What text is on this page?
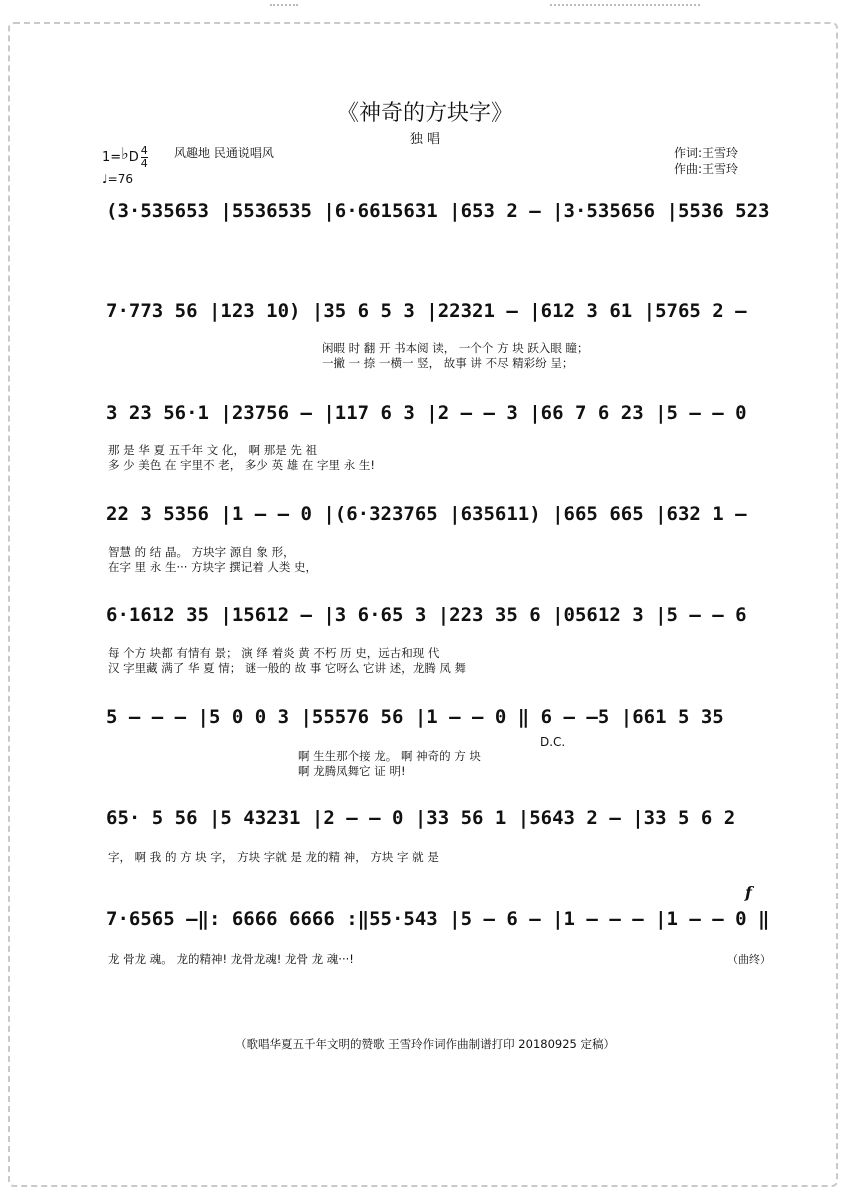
《神奇的方块字》
独 唱
1=♭D $\frac{4}{4}$ 风趣地 民通说唱风	作词:王雪玲
作曲:王雪玲
♩=76
(3·535653 |5536535 |6·6615631 |653 2 – |3·535656 |5536 523
7·773 56 |123 10) |35 6 5 3 |22321 – |612 3 61 |5765 2 –
闲暇 时 翻 开 书本阅 读， 一个个 方 块 跃入眼 瞳；
一撇 一 捺 一横一 竖， 故事 讲 不尽 精彩纷 呈；
3 23 56·1 |23756 – |117 6 3 |2 – – 3 |66 7 6 23 |5 – – 0
那 是 华 夏 五千年 文 化， 啊 那是 先 祖
多 少 美色 在 宇里不 老， 多少 英 雄 在 字里 永 生!
22 3 5356 |1 – – 0 |(6·323765 |635611) |665 665 |632 1 –
智慧 的 结 晶。 方块字 源自 象 形，
在字 里 永 生··· 方块字 撰记着 人类 史，
6·1612 35 |15612 – |3 6·65 3 |223 35 6 |05612 3 |5 – – 6
每 个方 块都 有情有 景； 演 绎 着炎 黄 不朽 历 史，远古和现 代
汉 字里藏 满了 华 夏 情； 谜一般的 故 事 它呀么 它讲 述，龙腾 凤 舞
5 – – – |5 0 0 3 |55576 56 |1 – – 0 ‖ 6 – –5 |661 5 35
D.C.
啊 生生那个接 龙。 啊 神奇的 方 块
啊 龙腾凤舞它 证 明!
65· 5 56 |5 43231 |2 – – 0 |33 56 1 |5643 2 – |33 5 6 2
字， 啊 我 的 方 块 字， 方块 字就 是 龙的精 神， 方块 字 就 是
f
7·6565 –‖: 6666 6666 :‖55·543 |5 – 6 – |1 – – – |1 – – 0 ‖
龙 骨龙 魂。 龙的精神! 龙骨龙魂! 龙骨 龙 魂···!	（曲终）
（歌唱华夏五千年文明的赞歌 王雪玲作词作曲制谱打印 20180925 定稿）
